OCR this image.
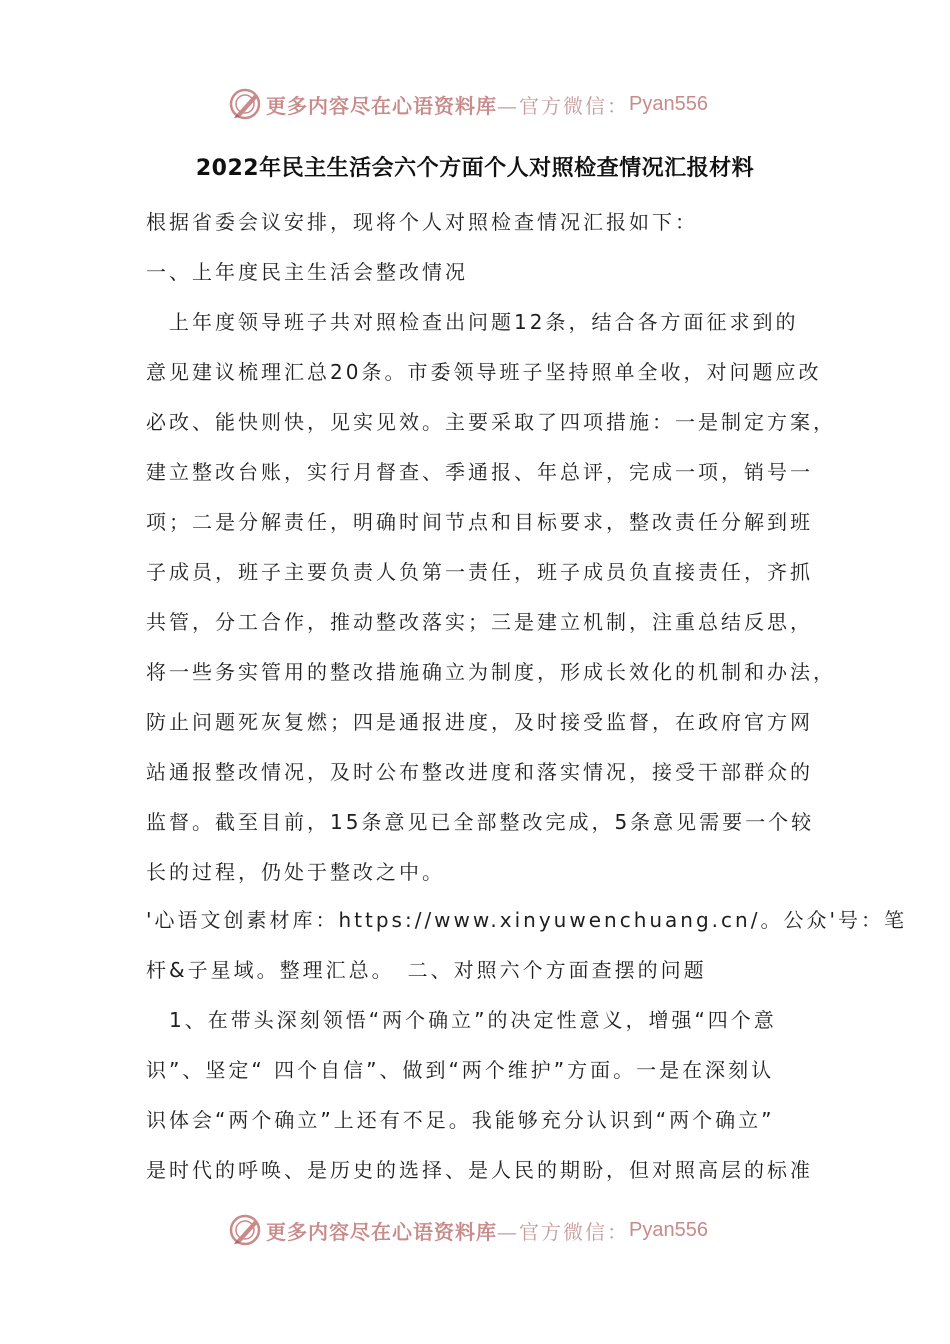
更多内容尽在心语资料库 —官方微信： Pyan556
2022年民主生活会六个方面个人对照检查情况汇报材料
根据省委会议安排，现将个人对照检查情况汇报如下：
一、上年度民主生活会整改情况
　上年度领导班子共对照检查出问题12条，结合各方面征求到的
意见建议梳理汇总20条。市委领导班子坚持照单全收，对问题应改
必改、能快则快，见实见效。主要采取了四项措施：一是制定方案，
建立整改台账，实行月督查、季通报、年总评，完成一项，销号一
项；二是分解责任，明确时间节点和目标要求，整改责任分解到班
子成员，班子主要负责人负第一责任，班子成员负直接责任，齐抓
共管，分工合作，推动整改落实；三是建立机制，注重总结反思，
将一些务实管用的整改措施确立为制度，形成长效化的机制和办法，
防止问题死灰复燃；四是通报进度，及时接受监督，在政府官方网
站通报整改情况，及时公布整改进度和落实情况，接受干部群众的
监督。截至目前，15条意见已全部整改完成，5条意见需要一个较
长的过程，仍处于整改之中。
'心语文创素材库：https://www.xinyuwenchuang.cn/。公众'号：笔
杆&子星域。整理汇总。　二、对照六个方面查摆的问题
　1、在带头深刻领悟“两个确立”的决定性意义，增强“四个意
识”、坚定“ 四个自信”、做到“两个维护”方面。一是在深刻认
识体会“两个确立”上还有不足。我能够充分认识到“两个确立”
是时代的呼唤、是历史的选择、是人民的期盼，但对照高层的标准
更多内容尽在心语资料库 —官方微信： Pyan556
